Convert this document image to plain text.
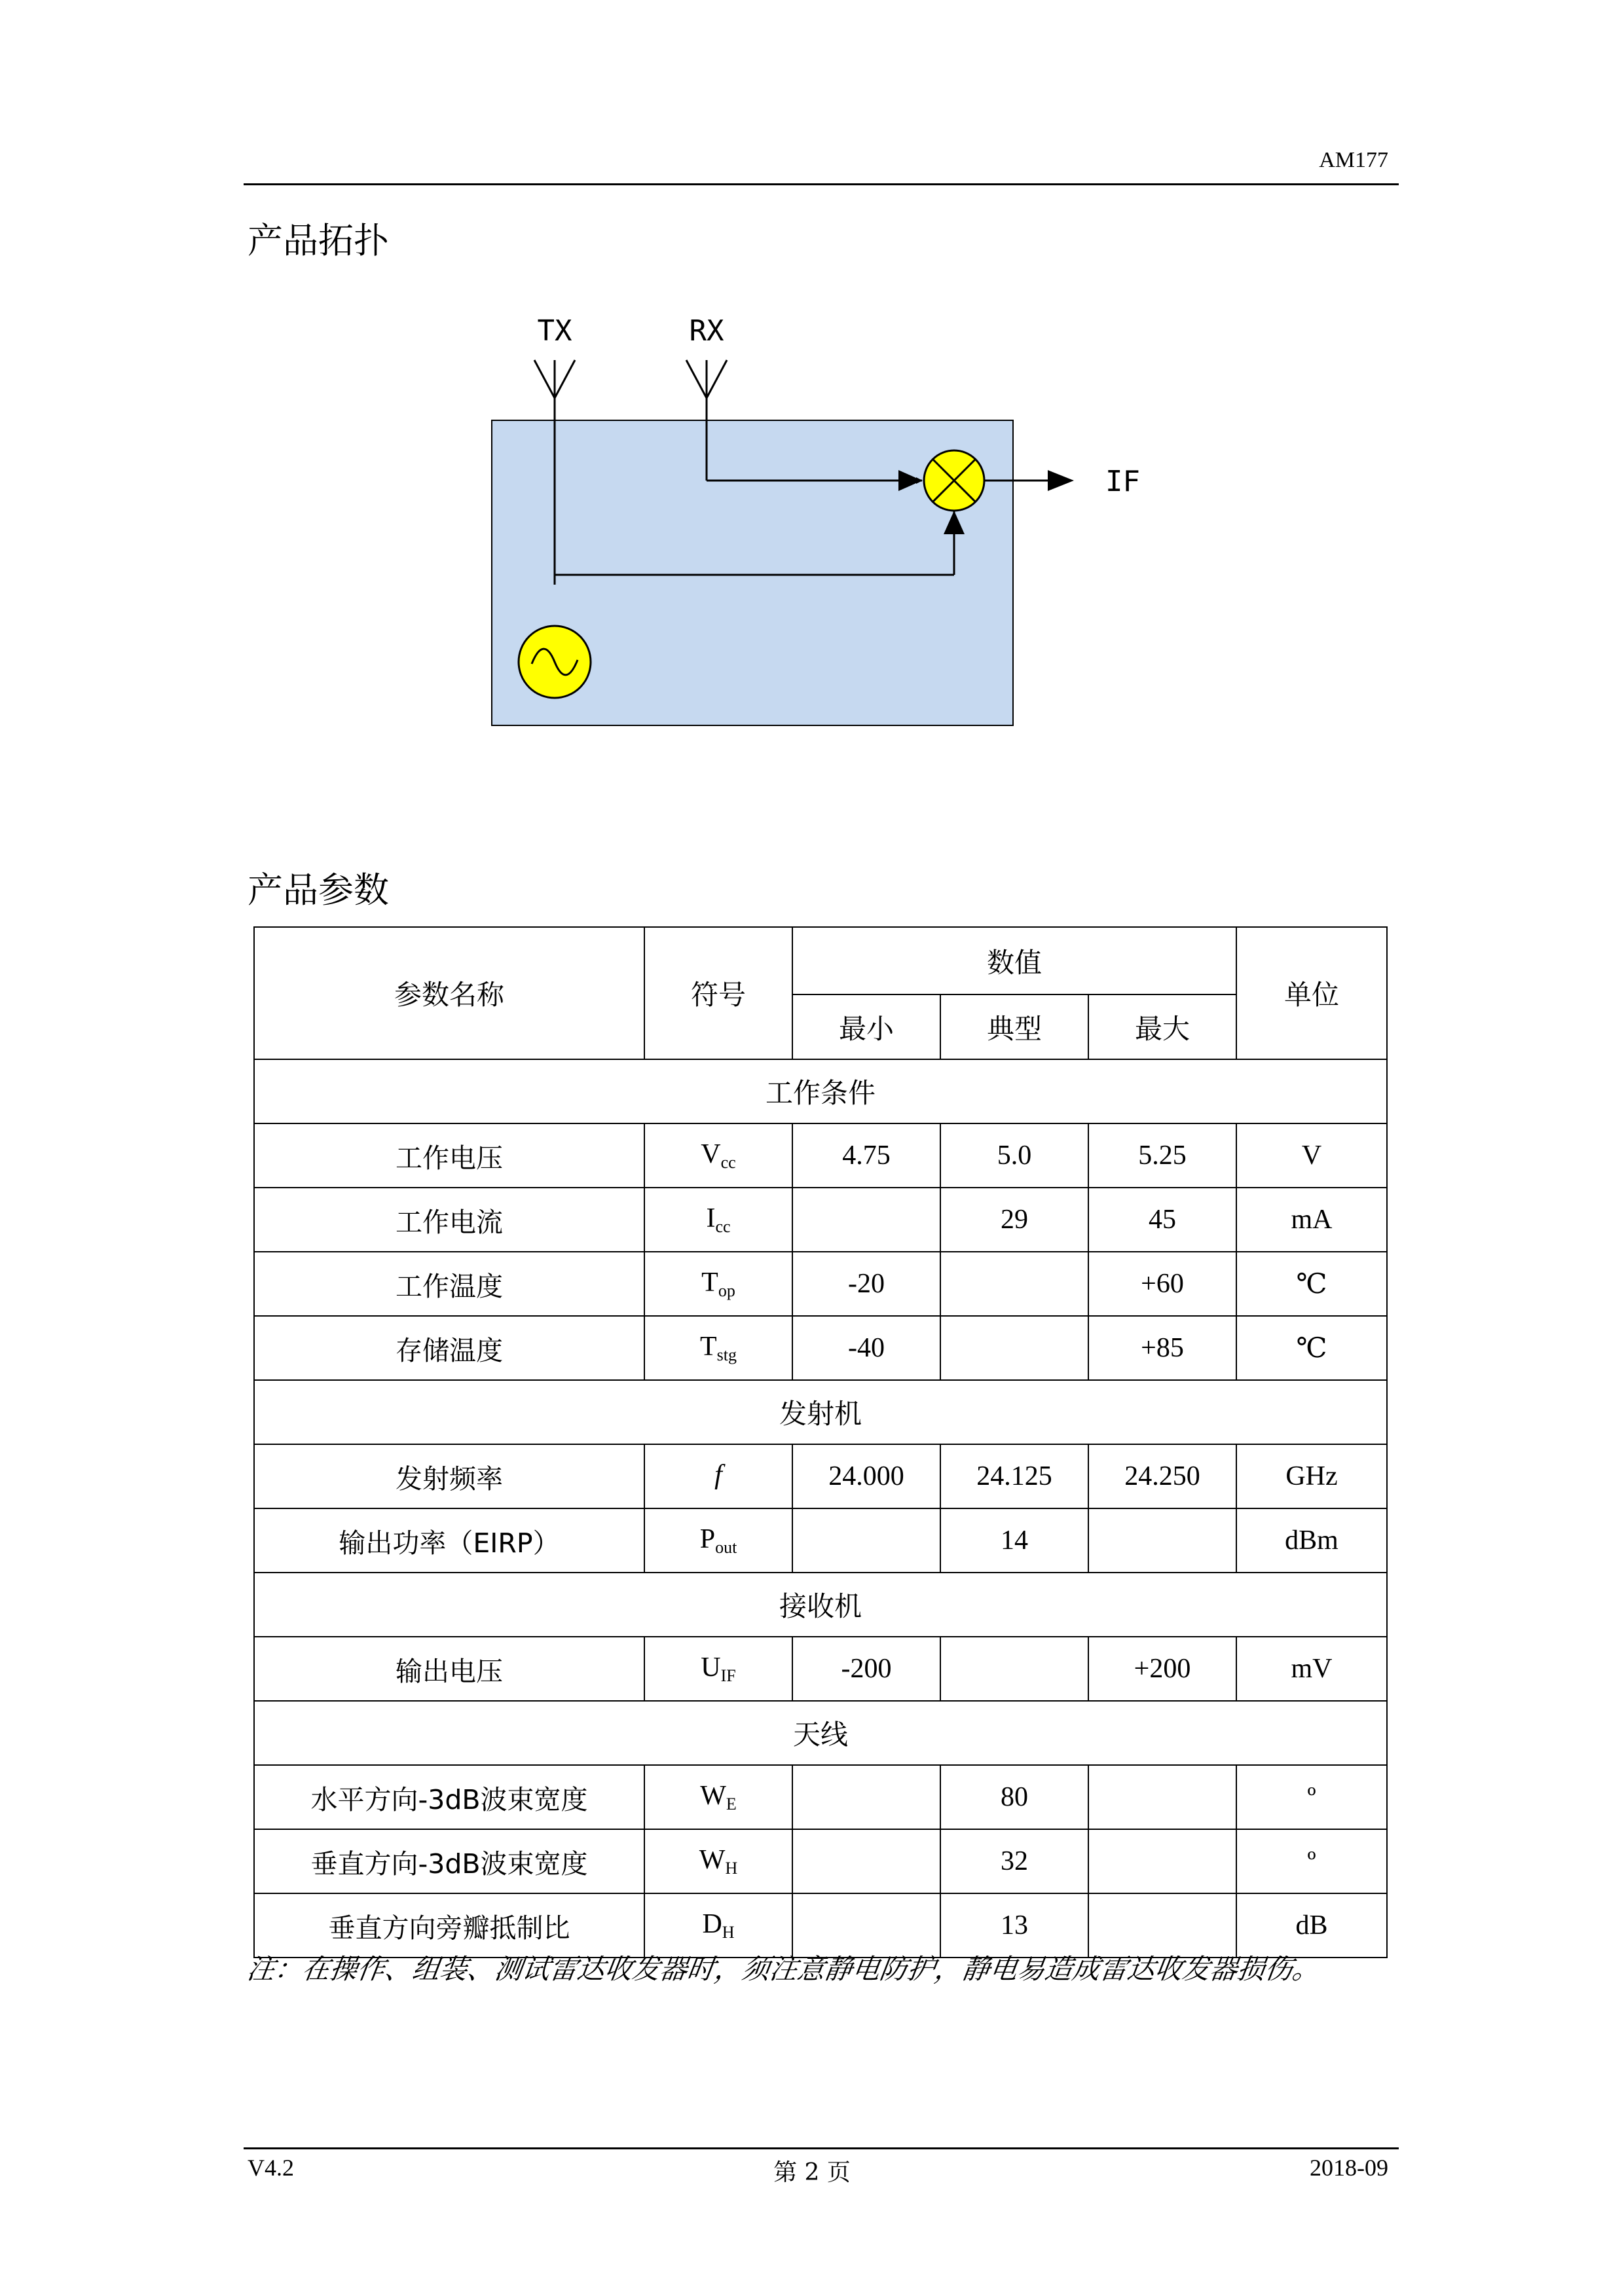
AM177
产品拓扑
TX	RX
IF
产品参数
参数名称	符号	数值			单位
		最小	典型	最大	
工作条件					
工作电压	$V_{cc}$	4.75	5.0	5.25	V
工作电流	$I_{cc}$		29	45	mA
工作温度	$T_{op}$	-20		+60	℃
存储温度	$T_{stg}$	-40		+85	℃
发射机					
发射频率	f	24.000	24.125	24.250	GHz
输出功率（EIRP）	$P_{out}$		14		dBm
接收机					
输出电压	$U_{IF}$	-200		+200	mV
天线					
水平方向-3dB波束宽度	$W_E$		80		º
垂直方向-3dB波束宽度	$W_H$		32		º
垂直方向旁瓣抵制比	$D_H$		13		dB
注：在操作、组装、测试雷达收发器时，须注意静电防护，静电易造成雷达收发器损伤。
V4.2	第 2 页	2018-09
